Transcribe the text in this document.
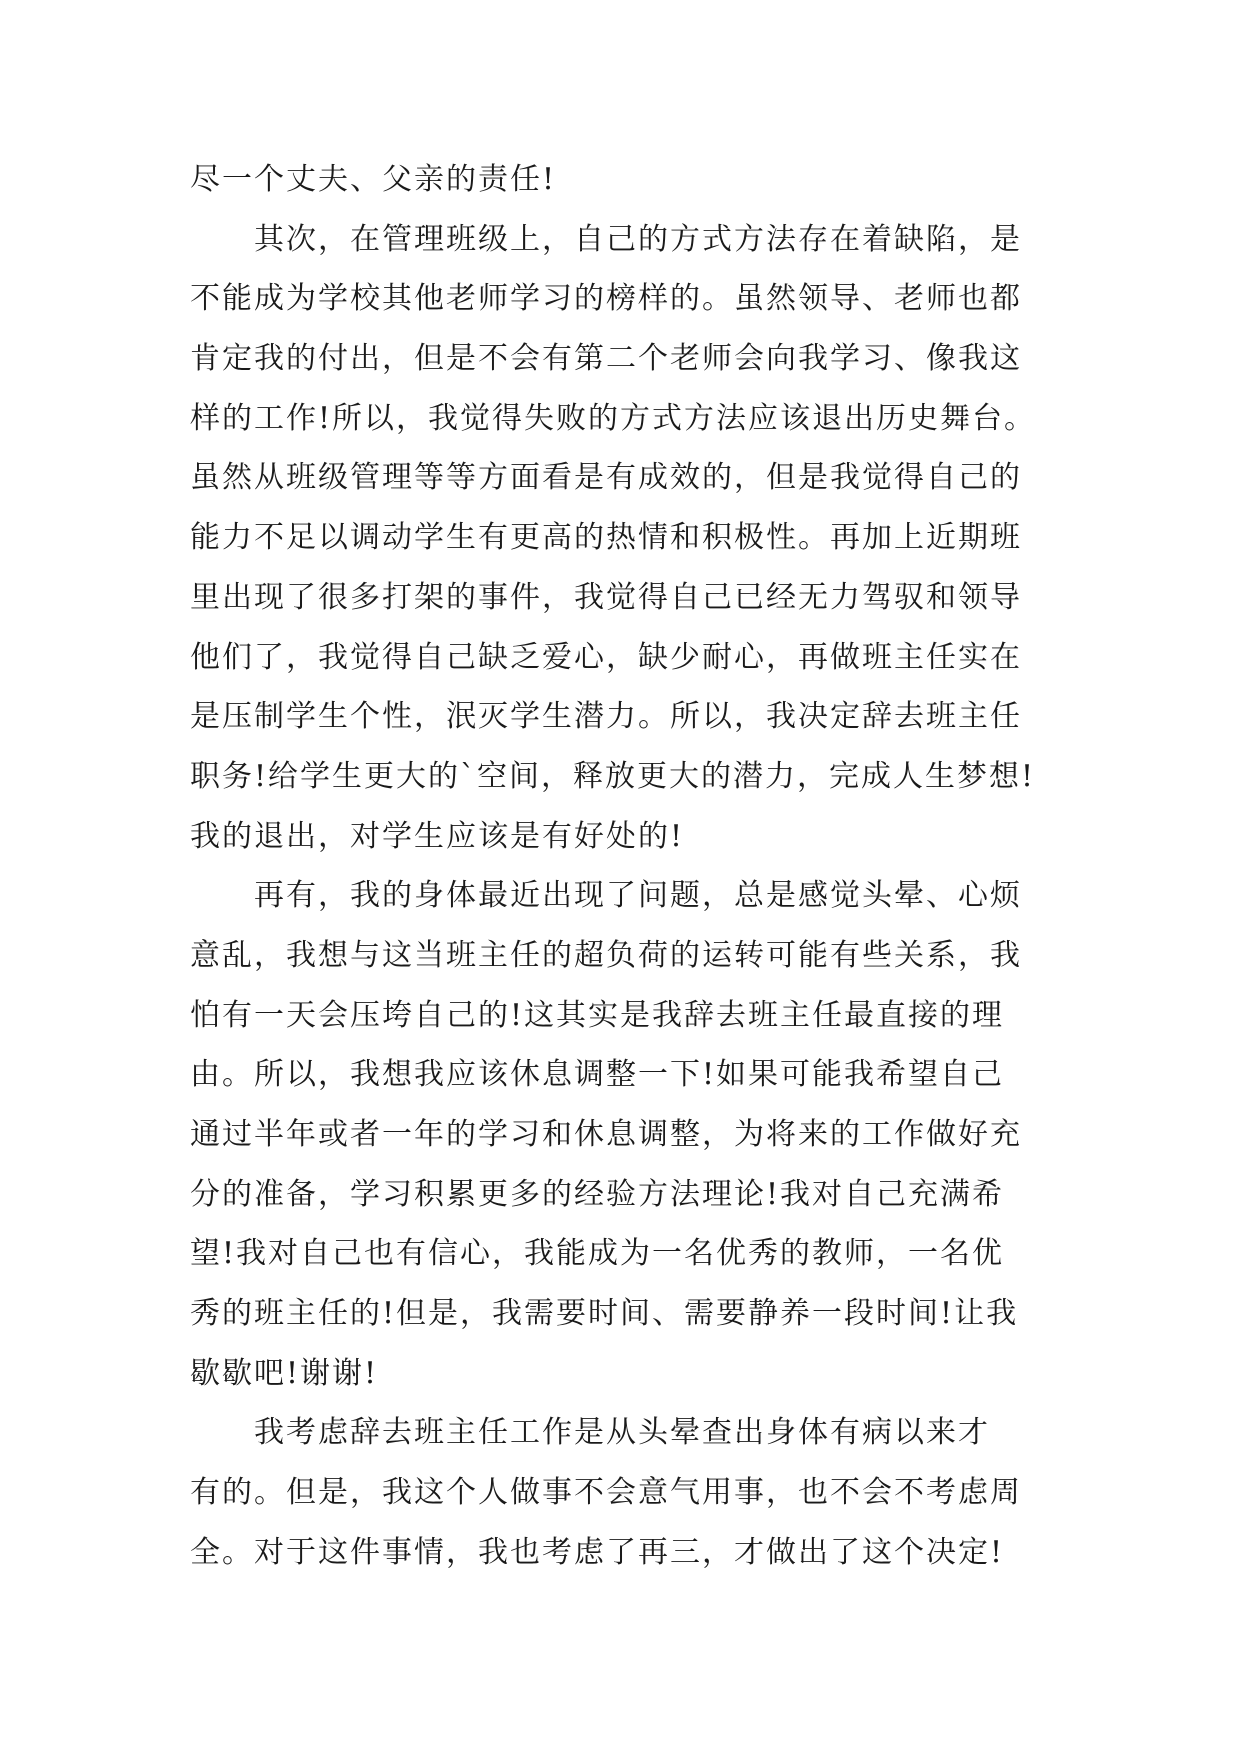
尽一个丈夫、父亲的责任!
　　其次，在管理班级上，自己的方式方法存在着缺陷，是
不能成为学校其他老师学习的榜样的。虽然领导、老师也都
肯定我的付出，但是不会有第二个老师会向我学习、像我这
样的工作!所以，我觉得失败的方式方法应该退出历史舞台。
虽然从班级管理等等方面看是有成效的，但是我觉得自己的
能力不足以调动学生有更高的热情和积极性。再加上近期班
里出现了很多打架的事件，我觉得自己已经无力驾驭和领导
他们了，我觉得自己缺乏爱心，缺少耐心，再做班主任实在
是压制学生个性，泯灭学生潜力。所以，我决定辞去班主任
职务!给学生更大的`空间，释放更大的潜力，完成人生梦想!
我的退出，对学生应该是有好处的!
　　再有，我的身体最近出现了问题，总是感觉头晕、心烦
意乱，我想与这当班主任的超负荷的运转可能有些关系，我
怕有一天会压垮自己的!这其实是我辞去班主任最直接的理
由。所以，我想我应该休息调整一下!如果可能我希望自己
通过半年或者一年的学习和休息调整，为将来的工作做好充
分的准备，学习积累更多的经验方法理论!我对自己充满希
望!我对自己也有信心，我能成为一名优秀的教师，一名优
秀的班主任的!但是，我需要时间、需要静养一段时间!让我
歇歇吧!谢谢!
　　我考虑辞去班主任工作是从头晕查出身体有病以来才
有的。但是，我这个人做事不会意气用事，也不会不考虑周
全。对于这件事情，我也考虑了再三，才做出了这个决定!
